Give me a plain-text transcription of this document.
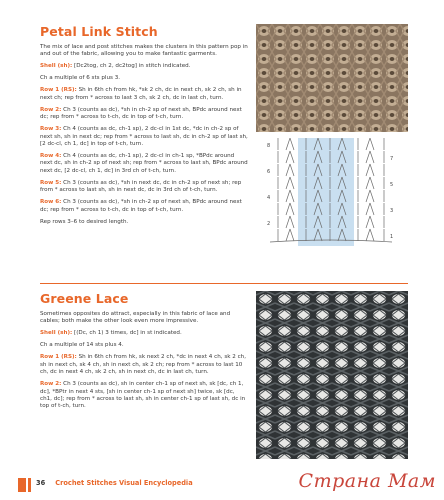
Petal Link Stitch

The mix of lace and post stitches makes the clusters in this pattern pop in and out of the fabric, allowing you to make fantastic garments.

Shell (sh): [Dc2tog, ch 2, dc2tog] in stitch indicated.

Ch a multiple of 6 sts plus 3.

Row 1 (RS): Sh in 6th ch from hk, *sk 2 ch, dc in next ch, sk 2 ch, sh in next ch; rep from * across to last 3 ch, sk 2 ch, dc in last ch, turn.

Row 2: Ch 3 (counts as dc), *sh in ch-2 sp of next sh, BPdc around next dc; rep from * across to t-ch, dc in top of t-ch, turn.

Row 3: Ch 4 (counts as dc, ch-1 sp), 2 dc-cl in 1st dc, *dc in ch-2 sp of next sh, sh in next dc; rep from * across to last sh, dc in ch-2 sp of last sh, [2 dc-cl, ch 1, dc] in top of t-ch, turn.

Row 4: Ch 4 (counts as dc, ch-1 sp), 2 dc-cl in ch-1 sp, *BPdc around next dc, sh in ch-2 sp of next sh; rep from * across to last sh, BPdc around next dc, [2 dc-cl, ch 1, dc] in 3rd ch of t-ch, turn.

Row 5: Ch 3 (counts as dc), *sh in next dc, dc in ch-2 sp of next sh; rep from * across to last sh, sh in next dc, dc in 3rd ch of t-ch, turn.

Row 6: Ch 3 (counts as dc), *sh in ch-2 sp of next sh, BPdc around next dc; rep from * across to t-ch, dc in top of t-ch, turn.

Rep rows 3–6 to desired length.

8
6
4
2
7
5
3
1
Greene Lace

Sometimes opposites do attract, especially in this fabric of lace and cables; both make the other look even more impressive.

Shell (sh): [(Dc, ch 1) 3 times, dc] in st indicated.

Ch a multiple of 14 sts plus 4.

Row 1 (RS): Sh in 6th ch from hk, sk next 2 ch, *dc in next 4 ch, sk 2 ch, sh in next ch, sk 4 ch, sh in next ch, sk 2 ch; rep from * across to last 10 ch, dc in next 4 ch, sk 2 ch, sh in next ch, dc in last ch, turn.

Row 2: Ch 3 (counts as dc), sh in center ch-1 sp of next sh, sk [dc, ch 1, dc], *BPtr in next 4 sts, [sh in center ch-1 sp of next sh] twice, sk [dc, ch1, dc]; rep from * across to last sh, sh in center ch-1 sp of last sh, dc in top of t-ch, turn.

36 Crochet Stitches Visual Encyclopedia	Страна Мам
